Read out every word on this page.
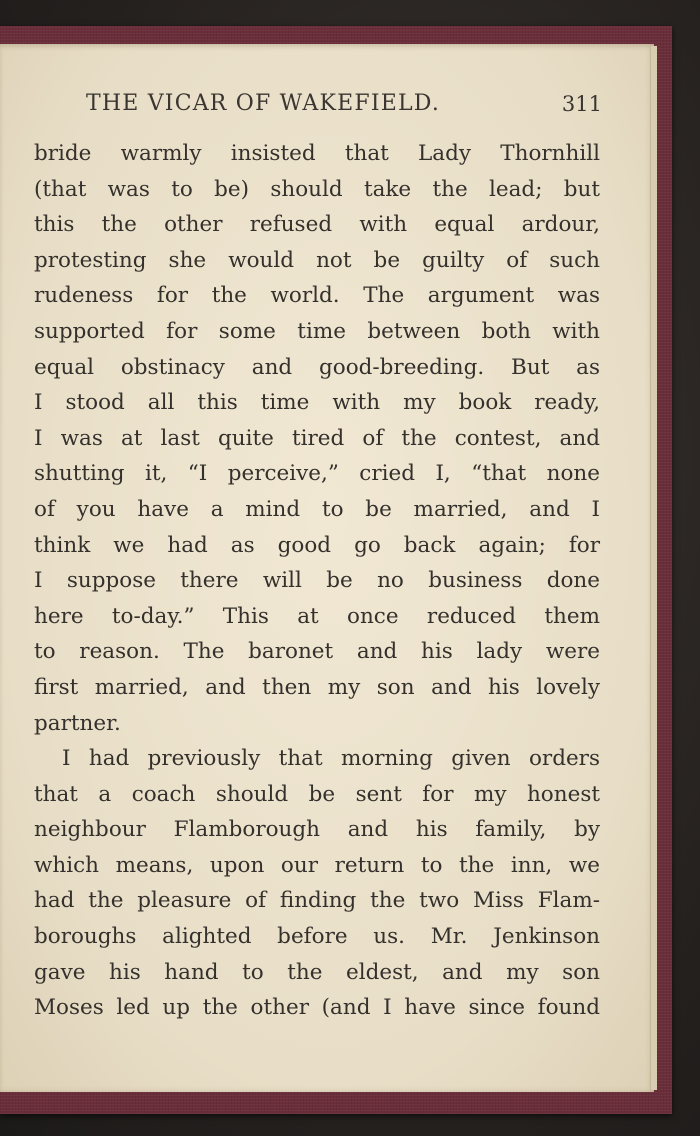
THE VICAR OF WAKEFIELD.	311
bride warmly insisted that Lady Thornhill
(that was to be) should take the lead; but
this the other refused with equal ardour,
protesting she would not be guilty of such
rudeness for the world. The argument was
supported for some time between both with
equal obstinacy and good-breeding. But as
I stood all this time with my book ready,
I was at last quite tired of the contest, and
shutting it, “I perceive,” cried I, “that none
of you have a mind to be married, and I
think we had as good go back again; for
I suppose there will be no business done
here to-day.” This at once reduced them
to reason. The baronet and his lady were
first married, and then my son and his lovely
partner.
I had previously that morning given orders
that a coach should be sent for my honest
neighbour Flamborough and his family, by
which means, upon our return to the inn, we
had the pleasure of finding the two Miss Flam-
boroughs alighted before us. Mr. Jenkinson
gave his hand to the eldest, and my son
Moses led up the other (and I have since found
